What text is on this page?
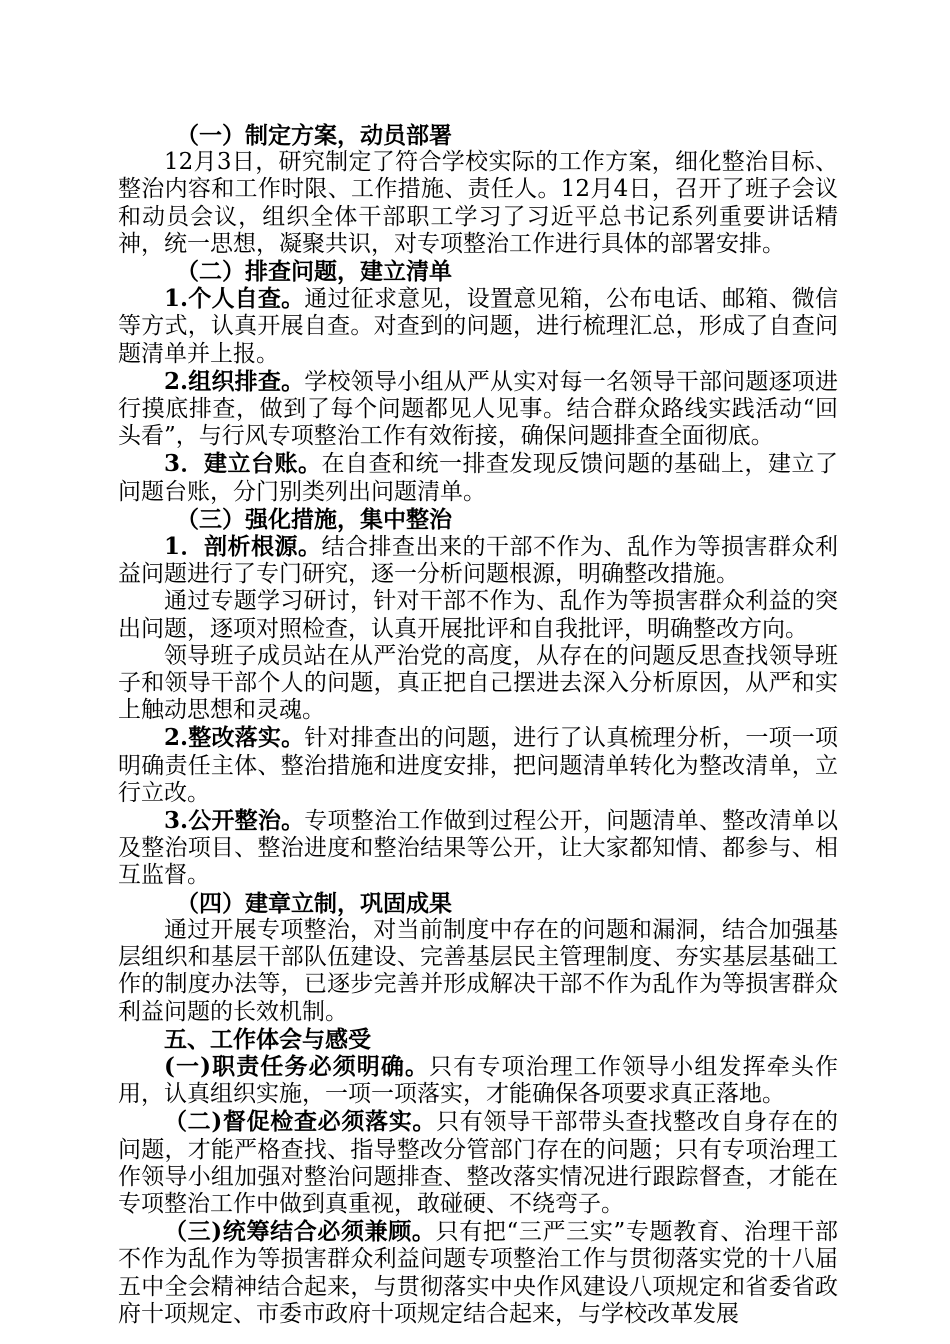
（一）制定方案，动员部署

12月3日，研究制定了符合学校实际的工作方案，细化整治目标、整治内容和工作时限、工作措施、责任人。12月4日，召开了班子会议和动员会议，组织全体干部职工学习了习近平总书记系列重要讲话精神，统一思想，凝聚共识，对专项整治工作进行具体的部署安排。

（二）排查问题，建立清单

1.个人自查。通过征求意见，设置意见箱，公布电话、邮箱、微信等方式，认真开展自查。对查到的问题，进行梳理汇总，形成了自查问题清单并上报。

2.组织排查。学校领导小组从严从实对每一名领导干部问题逐项进行摸底排查，做到了每个问题都见人见事。结合群众路线实践活动“回头看”，与行风专项整治工作有效衔接，确保问题排查全面彻底。

3．建立台账。在自查和统一排查发现反馈问题的基础上，建立了问题台账，分门别类列出问题清单。

（三）强化措施，集中整治

1．剖析根源。结合排查出来的干部不作为、乱作为等损害群众利益问题进行了专门研究，逐一分析问题根源，明确整改措施。

通过专题学习研讨，针对干部不作为、乱作为等损害群众利益的突出问题，逐项对照检查，认真开展批评和自我批评，明确整改方向。

领导班子成员站在从严治党的高度，从存在的问题反思查找领导班子和领导干部个人的问题，真正把自己摆进去深入分析原因，从严和实上触动思想和灵魂。

2.整改落实。针对排查出的问题，进行了认真梳理分析，一项一项明确责任主体、整治措施和进度安排，把问题清单转化为整改清单，立行立改。

3.公开整治。专项整治工作做到过程公开，问题清单、整改清单以及整治项目、整治进度和整治结果等公开，让大家都知情、都参与、相互监督。

（四）建章立制，巩固成果

通过开展专项整治，对当前制度中存在的问题和漏洞，结合加强基层组织和基层干部队伍建设、完善基层民主管理制度、夯实基层基础工作的制度办法等，已逐步完善并形成解决干部不作为乱作为等损害群众利益问题的长效机制。

五、工作体会与感受

(一)职责任务必须明确。只有专项治理工作领导小组发挥牵头作用，认真组织实施，一项一项落实，才能确保各项要求真正落地。

（二)督促检查必须落实。只有领导干部带头查找整改自身存在的问题，才能严格查找、指导整改分管部门存在的问题；只有专项治理工作领导小组加强对整治问题排查、整改落实情况进行跟踪督查，才能在专项整治工作中做到真重视，敢碰硬、不绕弯子。

（三)统筹结合必须兼顾。只有把“三严三实”专题教育、治理干部不作为乱作为等损害群众利益问题专项整治工作与贯彻落实党的十八届五中全会精神结合起来，与贯彻落实中央作风建设八项规定和省委省政府十项规定、市委市政府十项规定结合起来，与学校改革发展
